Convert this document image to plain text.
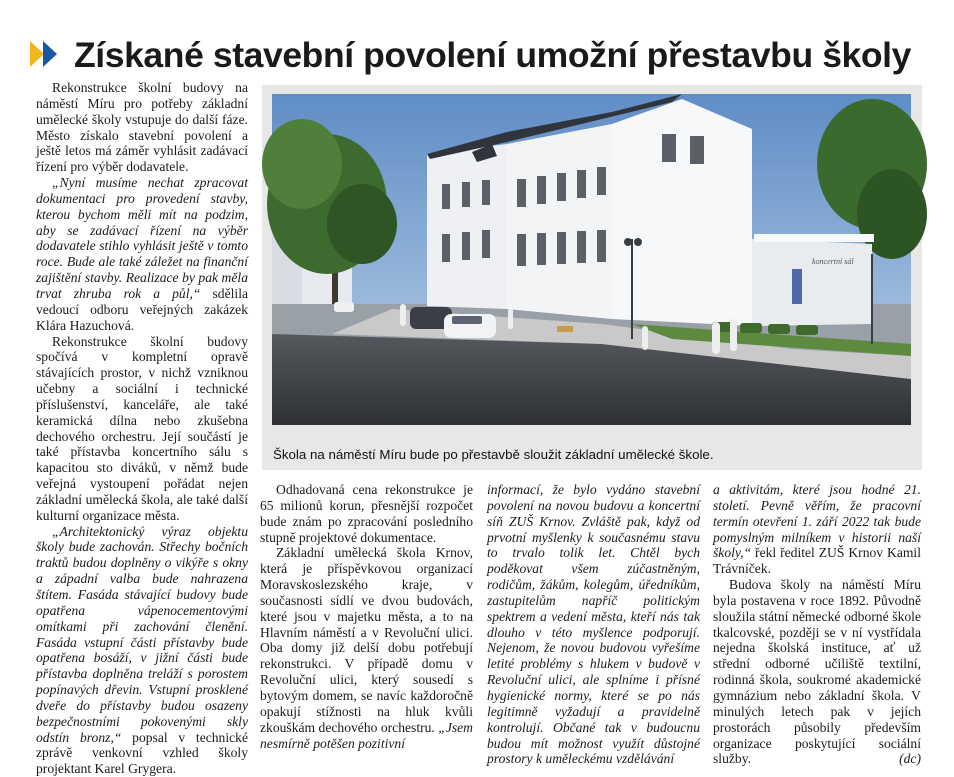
Získané stavební povolení umožní přestavbu školy

Rekonstrukce školní budovy na náměstí Míru pro potřeby základní umělecké školy vstupuje do další fáze. Město získalo stavební povolení a ještě letos má záměr vyhlásit zadávací řízení pro výběr dodavatele.

„Nyní musíme nechat zpracovat dokumentaci pro provedení stavby, kterou bychom měli mít na podzim, aby se zadávací řízení na výběr dodavatele stihlo vyhlásit ještě v tomto roce. Bude ale také záležet na finanční zajištění stavby. Realizace by pak měla trvat zhruba rok a půl,“ sdělila vedoucí odboru veřejných zakázek Klára Hazuchová.

Rekonstrukce školní budovy spočívá v kompletní opravě stávajících prostor, v nichž vzniknou učebny a sociální i technické příslušenství, kanceláře, ale také keramická dílna nebo zkušebna dechového orchestru. Její součástí je také přístavba koncertního sálu s kapacitou sto diváků, v němž bude veřejná vystoupení pořádat nejen základní umělecká škola, ale také další kulturní organizace města.

„Architektonický výraz objektu školy bude zachován. Střechy bočních traktů budou doplněny o vikýře s okny a západní valba bude nahrazena štítem. Fasáda stávající budovy bude opatřena vápenocementovými omítkami při zachování členění. Fasáda vstupní části přístavby bude opatřena bosáží, v jižní části bude přístavba doplněna treláží s porostem popínavých dřevin. Vstupní prosklené dveře do přístavby budou osazeny bezpečnostními pokovenými skly odstín bronz,“ popsal v technické zprávě venkovní vzhled školy projektant Karel Grygera.

koncertní sál
Škola na náměstí Míru bude po přestavbě sloužit základní umělecké škole.

Odhadovaná cena rekonstrukce je 65 milionů korun, přesnější rozpočet bude znám po zpracování posledního stupně projektové dokumentace.

Základní umělecká škola Krnov, která je příspěvkovou organizací Moravskoslezského kraje, v současnosti sídlí ve dvou budovách, které jsou v majetku města, a to na Hlavním náměstí a v Revoluční ulici. Oba domy již delší dobu potřebují rekonstrukci. V případě domu v Revoluční ulici, který sousedí s bytovým domem, se navíc každoročně opakují stížnosti na hluk kvůli zkouškám dechového orchestru. „Jsem nesmírně potěšen pozitivní

informací, že bylo vydáno stavební povolení na novou budovu a koncertní síň ZUŠ Krnov. Zvláště pak, když od prvotní myšlenky k současnému stavu to trvalo tolik let. Chtěl bych poděkovat všem zúčastněným, rodičům, žákům, kolegům, úředníkům, zastupitelům napříč politickým spektrem a vedení města, kteří nás tak dlouho v této myšlence podporují. Nejenom, že novou budovou vyřešíme letité problémy s hlukem v budově v Revoluční ulici, ale splníme i přísné hygienické normy, které se po nás legitimně vyžadují a pravidelně kontrolují. Občané tak v budoucnu budou mít možnost využít důstojné prostory k uměleckému vzdělávání

a aktivitám, které jsou hodné 21. století. Pevně věřím, že pracovní termín otevření 1. září 2022 tak bude pomyslným milníkem v historii naší školy,“ řekl ředitel ZUŠ Krnov Kamil Trávníček.

Budova školy na náměstí Míru byla postavena v roce 1892. Původně sloužila státní německé odborné škole tkalcovské, později se v ní vystřídala nejedna školská instituce, ať už střední odborné učiliště textilní, rodinná škola, soukromé akademické gymnázium nebo základní škola. V minulých letech pak v jejích prostorách působily především organizace poskytující sociální služby.	(dc)
